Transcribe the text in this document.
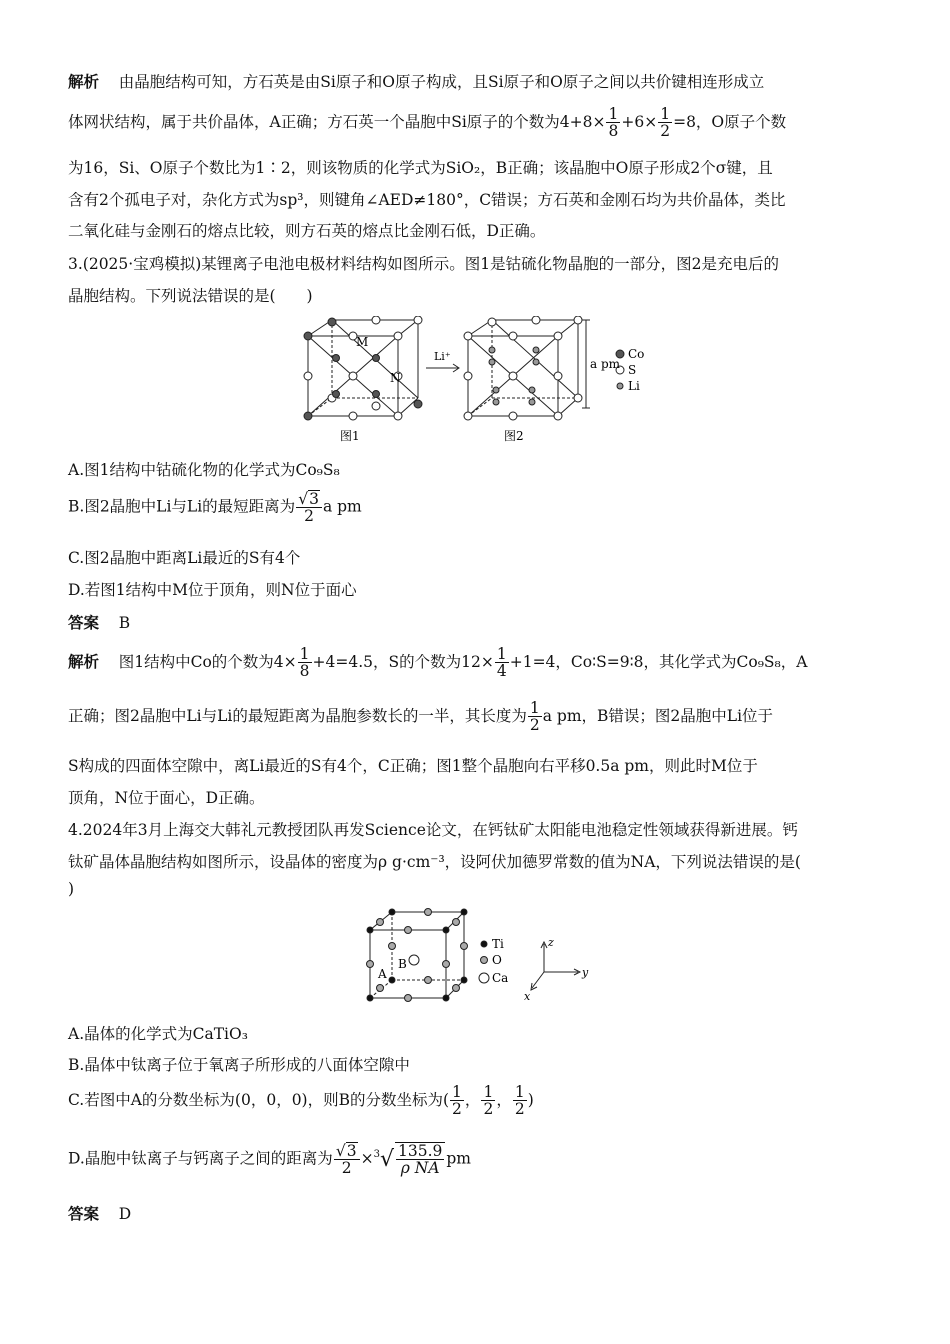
解析 由晶胞结构可知，方石英是由Si原子和O原子构成，且Si原子和O原子之间以共价键相连形成立
体网状结构，属于共价晶体，A正确；方石英一个晶胞中Si原子的个数为$4+8\times \frac{1}{8} +6\times \frac{1}{2} =8$，O原子个数
为16，Si、O原子个数比为1∶2，则该物质的化学式为SiO₂，B正确；该晶胞中O原子形成2个σ键，且
含有2个孤电子对，杂化方式为sp³，则键角∠AED≠180°，C错误；方石英和金刚石均为共价晶体，类比
二氧化硅与金刚石的熔点比较，则方石英的熔点比金刚石低，D正确。
3.(2025·宝鸡模拟)某锂离子电池电极材料结构如图所示。图1是钴硫化物晶胞的一部分，图2是充电后的
晶胞结构。下列说法错误的是(　　)
M
N
Li⁺
a pm
Co
S
Li
图1	图2
A.图1结构中钴硫化物的化学式为Co₉S₈
B.图2晶胞中Li与Li的最短距离为 $\frac{√3}{2}$ a pm
C.图2晶胞中距离Li最近的S有4个
D.若图1结构中M位于顶角，则N位于面心
答案 B
解析 图1结构中Co的个数为$4\times \frac{1}{8} +4=4.5$，S的个数为$12\times \frac{1}{4} +1=4$，Co∶S=9∶8，其化学式为Co₉S₈，A
正确；图2晶胞中Li与Li的最短距离为晶胞参数长的一半，其长度为 $\frac{1}{2}$ a pm，B错误；图2晶胞中Li位于
S构成的四面体空隙中，离Li最近的S有4个，C正确；图1整个晶胞向右平移0.5a pm，则此时M位于
顶角，N位于面心，D正确。
4.2024年3月上海交大韩礼元教授团队再发Science论文，在钙钛矿太阳能电池稳定性领域获得新进展。钙
钛矿晶体晶胞结构如图所示，设晶体的密度为ρ g·cm⁻³，设阿伏加德罗常数的值为NA，下列说法错误的是(
)
A
B
Ti
O
Ca
z
y
x
A.晶体的化学式为CaTiO₃
B.晶体中钛离子位于氧离子所形成的八面体空隙中
C.若图中A的分数坐标为(0，0，0)，则B的分数坐标为( $\frac{1}{2}$ ， $\frac{1}{2}$ ， $\frac{1}{2}$ )
D.晶胞中钛离子与钙离子之间的距离为 $\frac{√3}{2} \times^3√ \frac{135.9}{\text{ρ NA}}$ pm
答案 D
